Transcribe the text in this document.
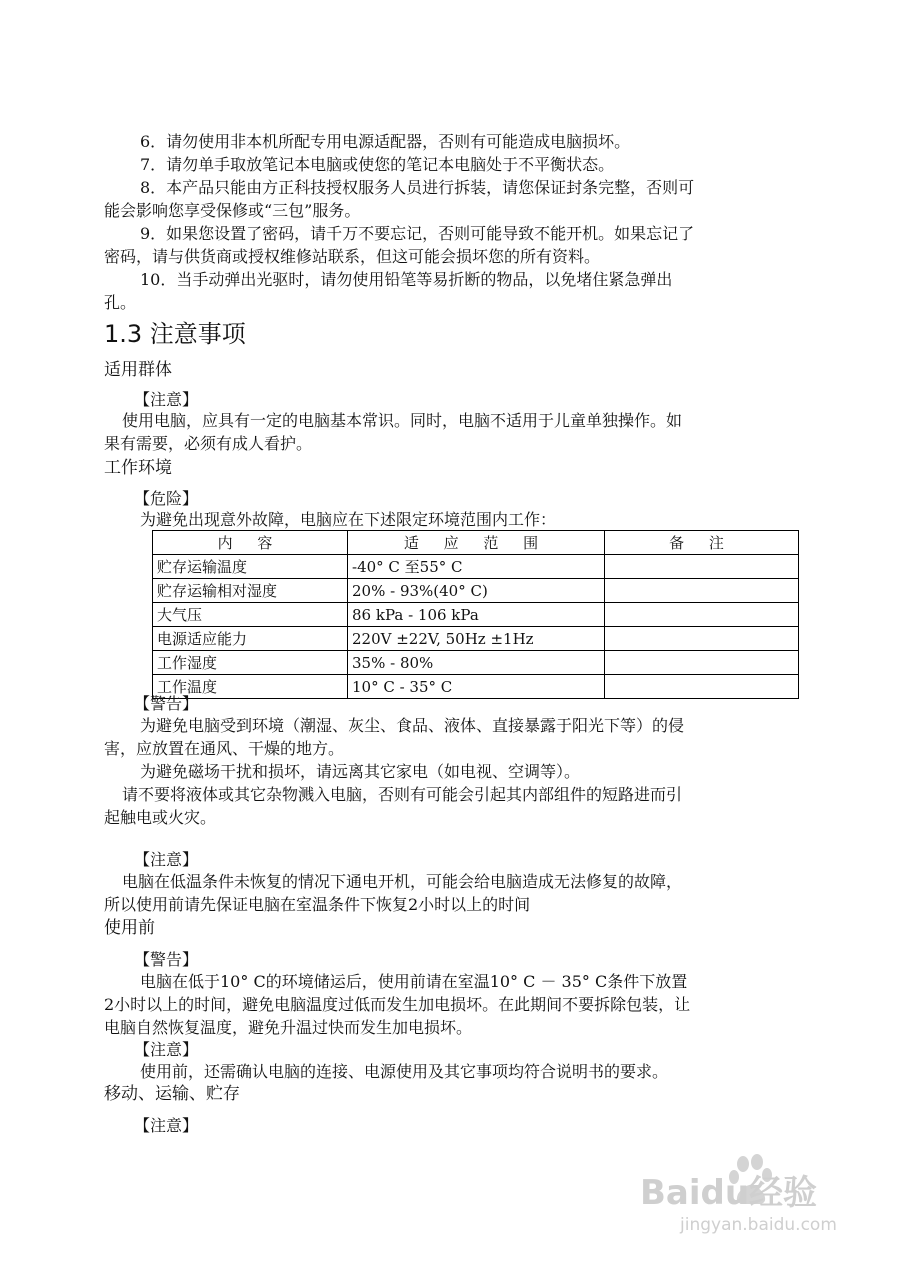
6．请勿使用非本机所配专用电源适配器，否则有可能造成电脑损坏。
7．请勿单手取放笔记本电脑或使您的笔记本电脑处于不平衡状态。
8．本产品只能由方正科技授权服务人员进行拆装，请您保证封条完整，否则可
能会影响您享受保修或“三包”服务。
9．如果您设置了密码，请千万不要忘记，否则可能导致不能开机。如果忘记了
密码，请与供货商或授权维修站联系，但这可能会损坏您的所有资料。
10．当手动弹出光驱时，请勿使用铅笔等易折断的物品，以免堵住紧急弹出
孔。
1.3 注意事项
适用群体
【注意】
使用电脑，应具有一定的电脑基本常识。同时，电脑不适用于儿童单独操作。如
果有需要，必须有成人看护。
工作环境
【危险】
为避免出现意外故障，电脑应在下述限定环境范围内工作：
内 容	适 应 范 围	备 注
贮存运输温度	-40° C 至55° C	
贮存运输相对湿度	20% - 93%(40° C)	
大气压	86 kPa - 106 kPa	
电源适应能力	220V ±22V, 50Hz ±1Hz	
工作湿度	35% - 80%	
工作温度	10° C - 35° C	
【警告】
为避免电脑受到环境（潮湿、灰尘、食品、液体、直接暴露于阳光下等）的侵
害，应放置在通风、干燥的地方。
为避免磁场干扰和损坏，请远离其它家电（如电视、空调等）。
请不要将液体或其它杂物溅入电脑，否则有可能会引起其内部组件的短路进而引
起触电或火灾。
【注意】
电脑在低温条件未恢复的情况下通电开机，可能会给电脑造成无法修复的故障，
所以使用前请先保证电脑在室温条件下恢复2小时以上的时间
使用前
【警告】
电脑在低于10° C的环境储运后，使用前请在室温10° C － 35° C条件下放置
2小时以上的时间，避免电脑温度过低而发生加电损坏。在此期间不要拆除包装，让
电脑自然恢复温度，避免升温过快而发生加电损坏。
【注意】
使用前，还需确认电脑的连接、电源使用及其它事项均符合说明书的要求。
移动、运输、贮存
【注意】
Baidu经验
jingyan.baidu.com
